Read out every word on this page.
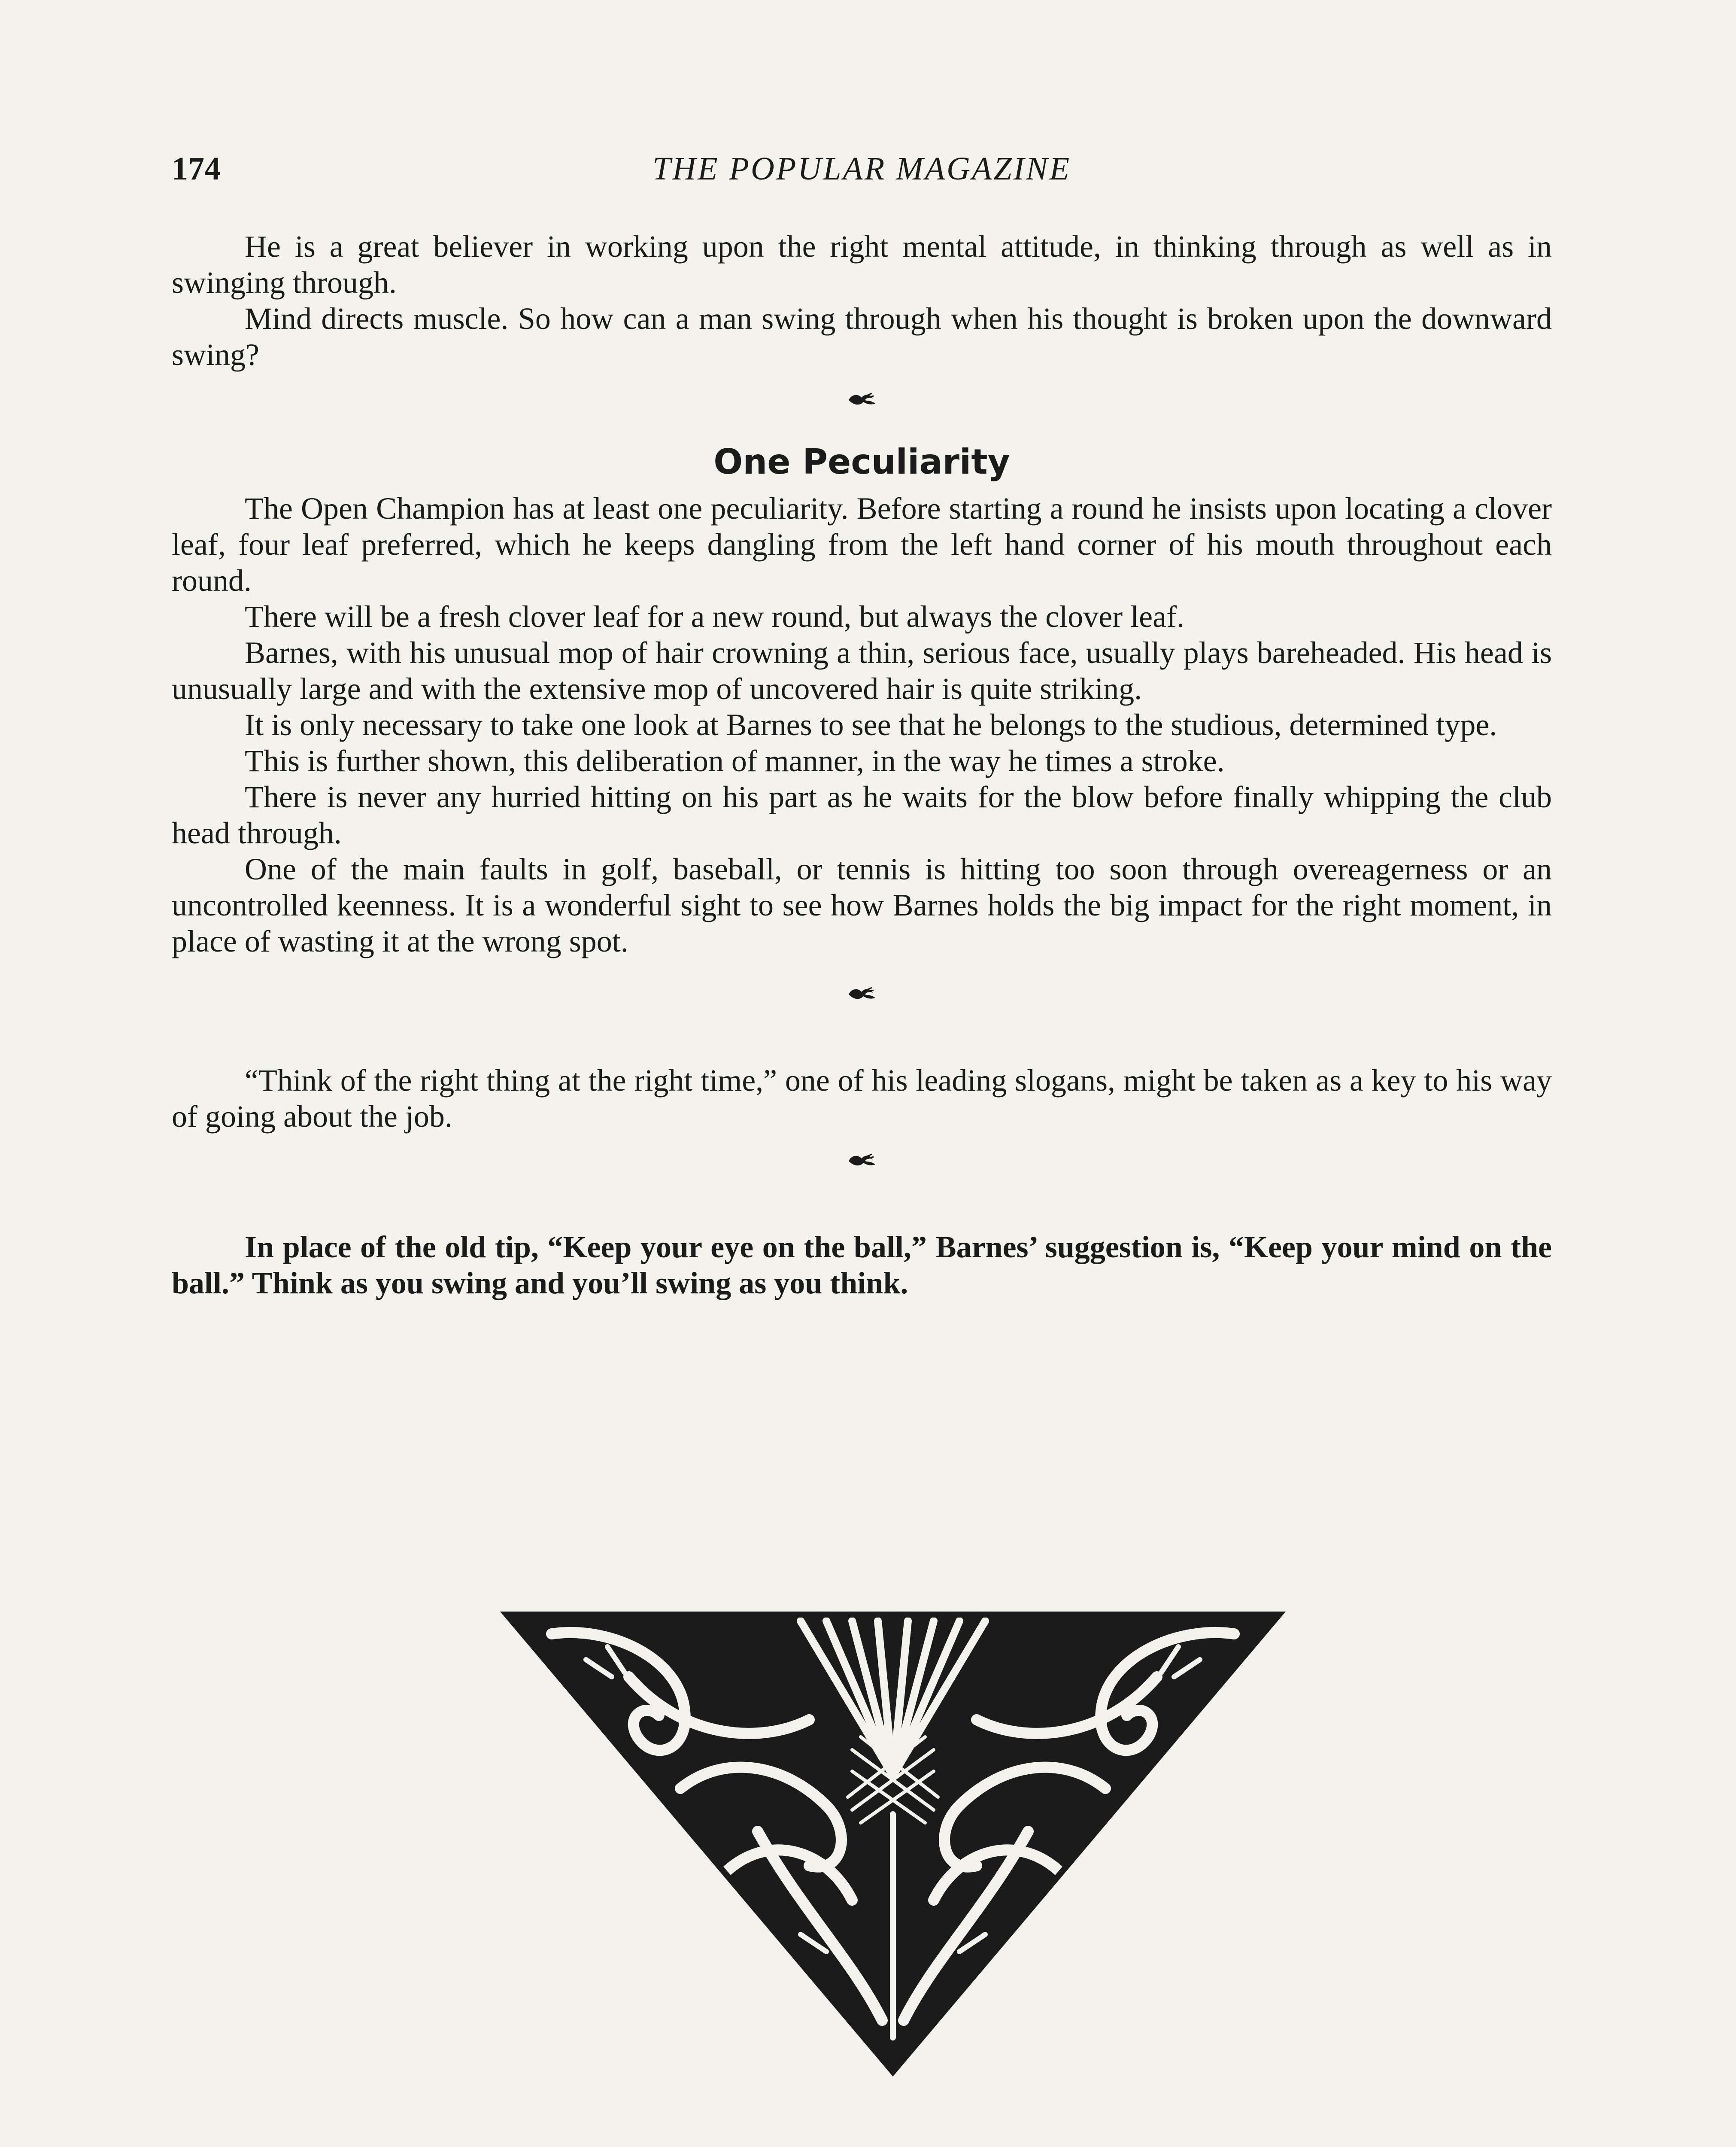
174	THE POPULAR MAGAZINE

He is a great believer in working upon the right mental attitude, in thinking through as well as in swinging through.

Mind directs muscle. So how can a man swing through when his thought is broken upon the downward swing?

One Peculiarity

The Open Champion has at least one peculiarity. Before starting a round he insists upon locating a clover leaf, four leaf preferred, which he keeps dangling from the left hand corner of his mouth throughout each round.

There will be a fresh clover leaf for a new round, but always the clover leaf.

Barnes, with his unusual mop of hair crowning a thin, serious face, usually plays bareheaded. His head is unusually large and with the extensive mop of uncovered hair is quite striking.

It is only necessary to take one look at Barnes to see that he belongs to the studious, determined type.

This is further shown, this deliberation of manner, in the way he times a stroke.

There is never any hurried hitting on his part as he waits for the blow before finally whipping the club head through.

One of the main faults in golf, baseball, or tennis is hitting too soon through overeagerness or an uncontrolled keenness. It is a wonderful sight to see how Barnes holds the big impact for the right moment, in place of wasting it at the wrong spot.

“Think of the right thing at the right time,” one of his leading slogans, might be taken as a key to his way of going about the job.

In place of the old tip, “Keep your eye on the ball,” Barnes’ suggestion is, “Keep your mind on the ball.” Think as you swing and you’ll swing as you think.
